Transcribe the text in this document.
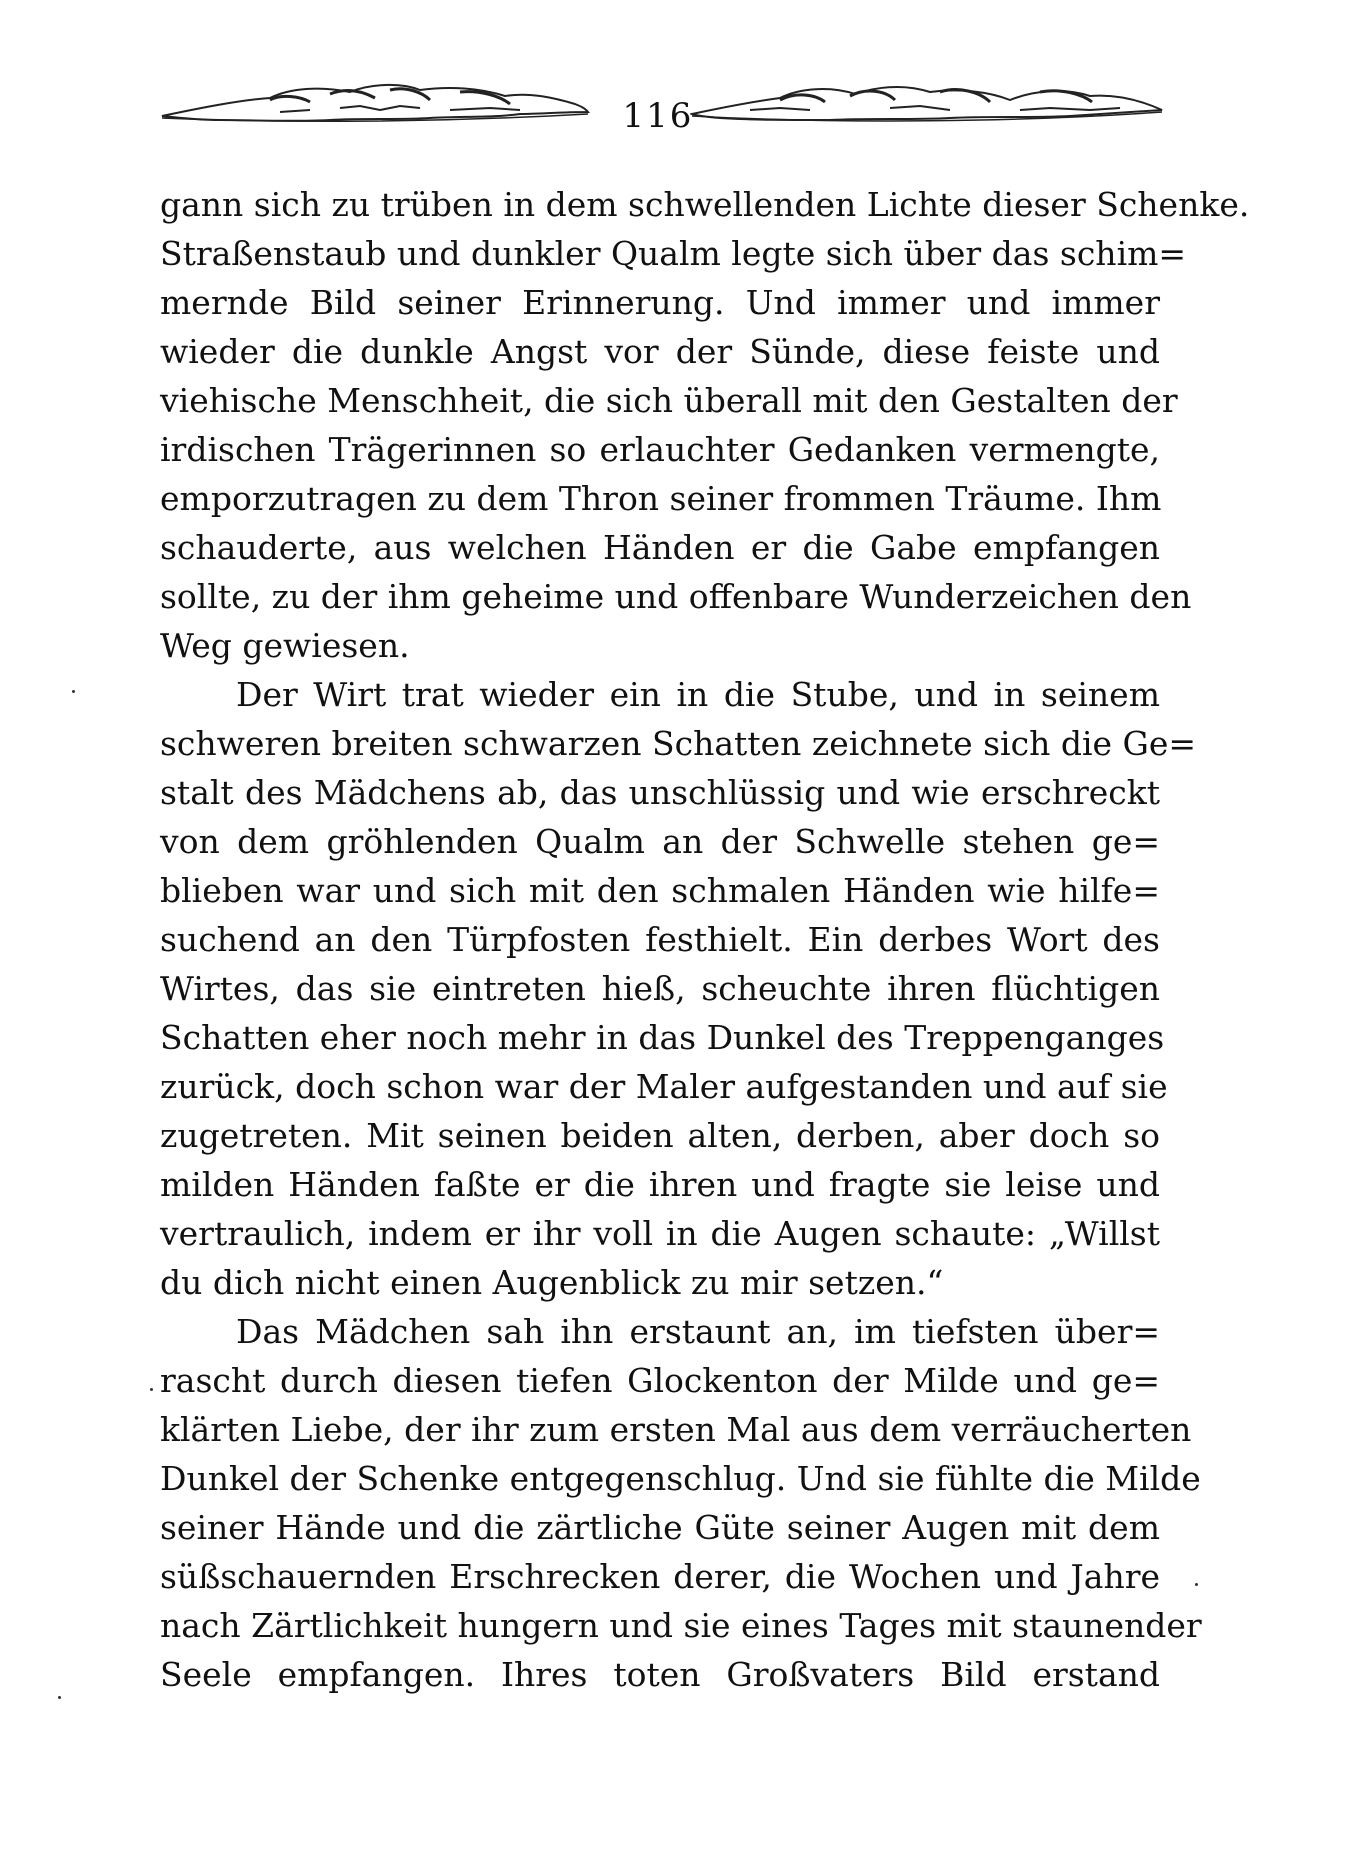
116
gann sich zu trüben in dem schwellenden Lichte dieser Schenke.
Straßenstaub und dunkler Qualm legte sich über das schim=
mernde Bild seiner Erinnerung. Und immer und immer
wieder die dunkle Angst vor der Sünde, diese feiste und
viehische Menschheit, die sich überall mit den Gestalten der
irdischen Trägerinnen so erlauchter Gedanken vermengte,
emporzutragen zu dem Thron seiner frommen Träume. Ihm
schauderte, aus welchen Händen er die Gabe empfangen
sollte, zu der ihm geheime und offenbare Wunderzeichen den
Weg gewiesen.
Der Wirt trat wieder ein in die Stube, und in seinem
schweren breiten schwarzen Schatten zeichnete sich die Ge=
stalt des Mädchens ab, das unschlüssig und wie erschreckt
von dem gröhlenden Qualm an der Schwelle stehen ge=
blieben war und sich mit den schmalen Händen wie hilfe=
suchend an den Türpfosten festhielt. Ein derbes Wort des
Wirtes, das sie eintreten hieß, scheuchte ihren flüchtigen
Schatten eher noch mehr in das Dunkel des Treppenganges
zurück, doch schon war der Maler aufgestanden und auf sie
zugetreten. Mit seinen beiden alten, derben, aber doch so
milden Händen faßte er die ihren und fragte sie leise und
vertraulich, indem er ihr voll in die Augen schaute: „Willst
du dich nicht einen Augenblick zu mir setzen.“
Das Mädchen sah ihn erstaunt an, im tiefsten über=
rascht durch diesen tiefen Glockenton der Milde und ge=
klärten Liebe, der ihr zum ersten Mal aus dem verräucherten
Dunkel der Schenke entgegenschlug. Und sie fühlte die Milde
seiner Hände und die zärtliche Güte seiner Augen mit dem
süßschauernden Erschrecken derer, die Wochen und Jahre
nach Zärtlichkeit hungern und sie eines Tages mit staunender
Seele empfangen. Ihres toten Großvaters Bild erstand
